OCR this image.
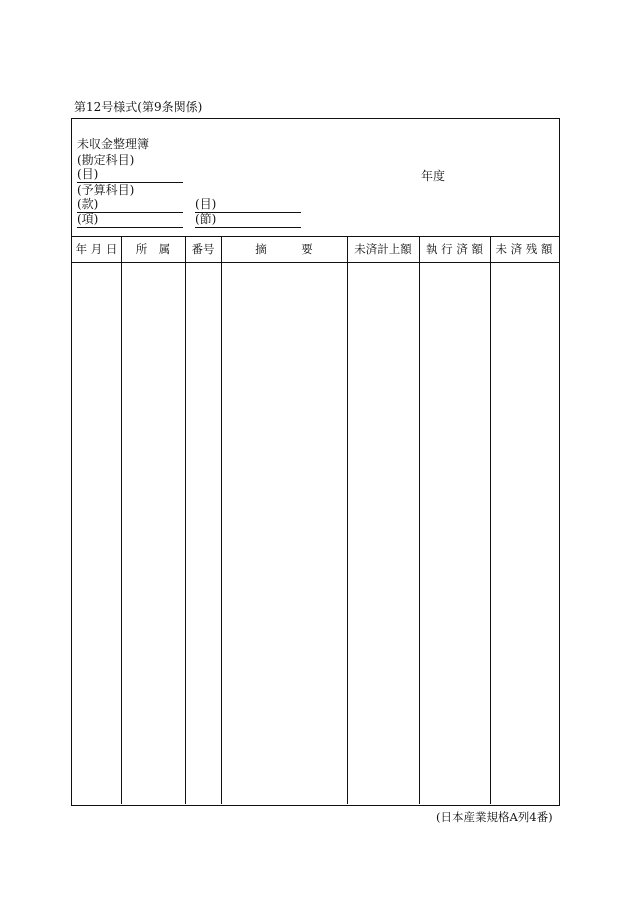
第12号様式(第9条関係)
未収金整理簿
(勘定科目)
(目)	年度
(予算科目)
(款)	(目)
(項)	(節)
年 月 日	所　属	番号	摘　　　要	未済計上額	執 行 済 額	未 済 残 額
(日本産業規格A列4番)
